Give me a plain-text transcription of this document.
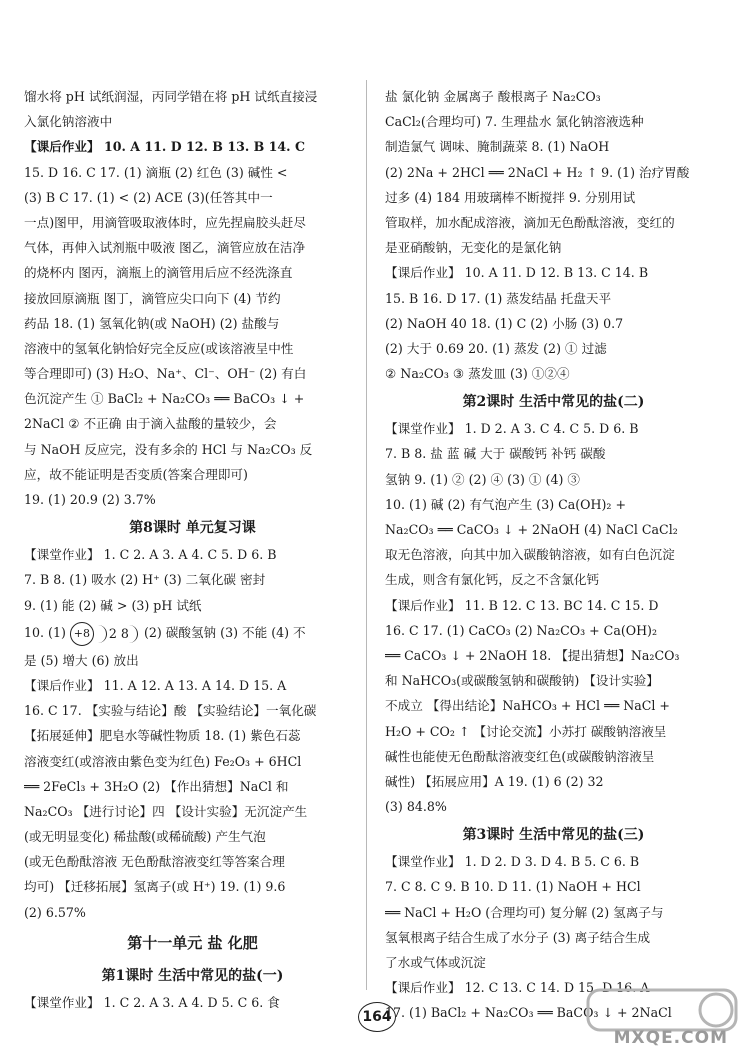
馏水将 pH 试纸润湿，丙同学错在将 pH 试纸直接浸
入氯化钠溶液中
【课后作业】 10. A 11. D 12. B 13. B 14. C
15. D 16. C 17. (1) 滴瓶 (2) 红色 (3) 碱性 <
(3) B C 17. (1) < (2) ACE (3)(任答其中一
一点)图甲，用滴管吸取液体时，应先捏扁胶头赶尽
气体，再伸入试剂瓶中吸液 图乙，滴管应放在洁净
的烧杯内 图丙，滴瓶上的滴管用后应不经洗涤直
接放回原滴瓶 图丁，滴管应尖口向下 (4) 节约
药品 18. (1) 氢氧化钠(或 NaOH) (2) 盐酸与
溶液中的氢氧化钠恰好完全反应(或该溶液呈中性
等合理即可) (3) H₂O、Na⁺、Cl⁻、OH⁻ (2) 有白
色沉淀产生 ① BaCl₂ + Na₂CO₃ ══ BaCO₃ ↓ +
2NaCl ② 不正确 由于滴入盐酸的量较少，会
与 NaOH 反应完，没有多余的 HCl 与 Na₂CO₃ 反
应，故不能证明是否变质(答案合理即可)
19. (1) 20.9 (2) 3.7%
第8课时 单元复习课
【课堂作业】 1. C 2. A 3. A 4. C 5. D 6. B
7. B 8. (1) 吸水 (2) H⁺ (3) 二氧化碳 密封
9. (1) 能 (2) 碱 > (3) pH 试纸
10. (1) +8 2 8 (2) 碳酸氢钠 (3) 不能 (4) 不
是 (5) 增大 (6) 放出
【课后作业】 11. A 12. A 13. A 14. D 15. A
16. C 17. 【实验与结论】酸 【实验结论】一氧化碳
【拓展延伸】肥皂水等碱性物质 18. (1) 紫色石蕊
溶液变红(或溶液由紫色变为红色) Fe₂O₃ + 6HCl
══ 2FeCl₃ + 3H₂O (2) 【作出猜想】NaCl 和
Na₂CO₃ 【进行讨论】四 【设计实验】无沉淀产生
(或无明显变化) 稀盐酸(或稀硫酸) 产生气泡
(或无色酚酞溶液 无色酚酞溶液变红等答案合理
均可) 【迁移拓展】氢离子(或 H⁺) 19. (1) 9.6
(2) 6.57%
第十一单元 盐 化肥
第1课时 生活中常见的盐(一)
【课堂作业】 1. C 2. A 3. A 4. D 5. C 6. 食
盐 氯化钠 金属离子 酸根离子 Na₂CO₃
CaCl₂(合理均可) 7. 生理盐水 氯化钠溶液选种
制造氯气 调味、腌制蔬菜 8. (1) NaOH
(2) 2Na + 2HCl ══ 2NaCl + H₂ ↑ 9. (1) 治疗胃酸
过多 (4) 184 用玻璃棒不断搅拌 9. 分别用试
管取样，加水配成溶液，滴加无色酚酞溶液，变红的
是亚硝酸钠，无变化的是氯化钠
【课后作业】 10. A 11. D 12. B 13. C 14. B
15. B 16. D 17. (1) 蒸发结晶 托盘天平
(2) NaOH 40 18. (1) C (2) 小肠 (3) 0.7
(2) 大于 0.69 20. (1) 蒸发 (2) ① 过滤
② Na₂CO₃ ③ 蒸发皿 (3) ①②④
第2课时 生活中常见的盐(二)
【课堂作业】 1. D 2. A 3. C 4. C 5. D 6. B
7. B 8. 盐 蓝 碱 大于 碳酸钙 补钙 碳酸
氢钠 9. (1) ② (2) ④ (3) ① (4) ③
10. (1) 碱 (2) 有气泡产生 (3) Ca(OH)₂ +
Na₂CO₃ ══ CaCO₃ ↓ + 2NaOH (4) NaCl CaCl₂
取无色溶液，向其中加入碳酸钠溶液，如有白色沉淀
生成，则含有氯化钙，反之不含氯化钙
【课后作业】 11. B 12. C 13. BC 14. C 15. D
16. C 17. (1) CaCO₃ (2) Na₂CO₃ + Ca(OH)₂
══ CaCO₃ ↓ + 2NaOH 18. 【提出猜想】Na₂CO₃
和 NaHCO₃(或碳酸氢钠和碳酸钠) 【设计实验】
不成立 【得出结论】NaHCO₃ + HCl ══ NaCl +
H₂O + CO₂ ↑ 【讨论交流】小苏打 碳酸钠溶液呈
碱性也能使无色酚酞溶液变红色(或碳酸钠溶液呈
碱性) 【拓展应用】A 19. (1) 6 (2) 32
(3) 84.8%
第3课时 生活中常见的盐(三)
【课堂作业】 1. D 2. D 3. D 4. B 5. C 6. B
7. C 8. C 9. B 10. D 11. (1) NaOH + HCl
══ NaCl + H₂O (合理均可) 复分解 (2) 氢离子与
氢氧根离子结合生成了水分子 (3) 离子结合生成
了水或气体或沉淀
【课后作业】 12. C 13. C 14. D 15. D 16. A
17. (1) BaCl₂ + Na₂CO₃ ══ BaCO₃ ↓ + 2NaCl
164
MXQE.COM
